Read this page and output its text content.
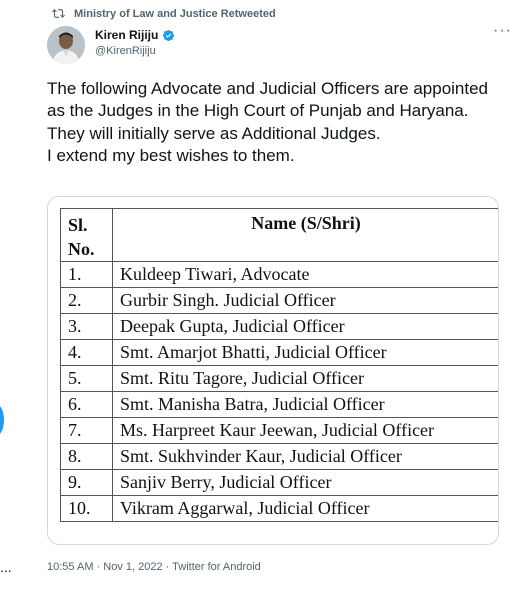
Ministry of Law and Justice Retweeted
Kiren Rijiju
@KirenRijiju
···

The following Advocate and Judicial Officers are appointed as the Judges in the High Court of Punjab and Haryana. They will initially serve as Additional Judges.

I extend my best wishes to them.

Sl.
No.	Name (S/Shri)
1.	Kuldeep Tiwari, Advocate
2.	Gurbir Singh. Judicial Officer
3.	Deepak Gupta, Judicial Officer
4.	Smt. Amarjot Bhatti, Judicial Officer
5.	Smt. Ritu Tagore, Judicial Officer
6.	Smt. Manisha Batra, Judicial Officer
7.	Ms. Harpreet Kaur Jeewan, Judicial Officer
8.	Smt. Sukhvinder Kaur, Judicial Officer
9.	Sanjiv Berry, Judicial Officer
10.	Vikram Aggarwal, Judicial Officer
10:55 AM · Nov 1, 2022 · Twitter for Android
...
